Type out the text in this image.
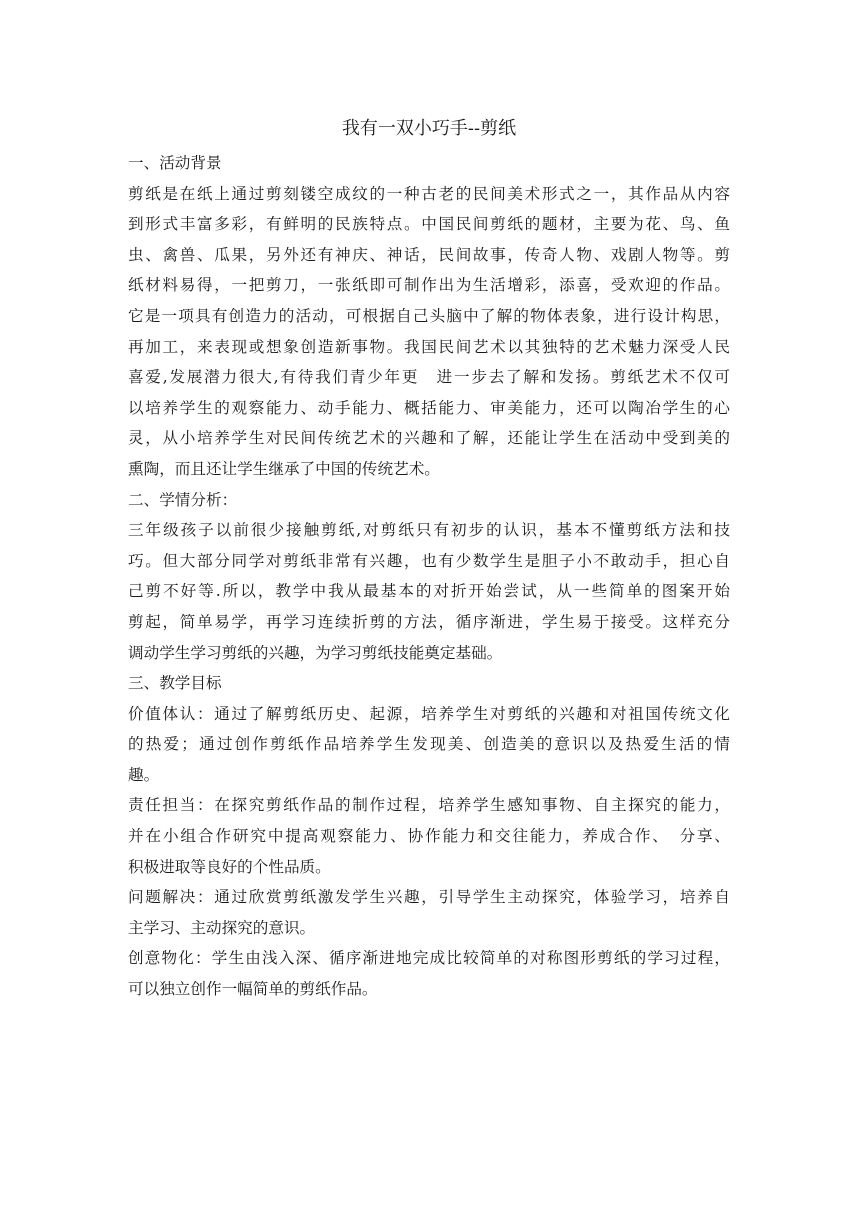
我有一双小巧手--剪纸
一、活动背景
剪纸是在纸上通过剪刻镂空成纹的一种古老的民间美术形式之一，其作品从内容
到形式丰富多彩，有鲜明的民族特点。中国民间剪纸的题材，主要为花、鸟、鱼
虫、禽兽、瓜果，另外还有神庆、神话，民间故事，传奇人物、戏剧人物等。剪
纸材料易得，一把剪刀，一张纸即可制作出为生活增彩，添喜，受欢迎的作品。
它是一项具有创造力的活动，可根据自己头脑中了解的物体表象，进行设计构思，
再加工，来表现或想象创造新事物。我国民间艺术以其独特的艺术魅力深受人民
喜爱,发展潜力很大,有待我们青少年更　进一步去了解和发扬。剪纸艺术不仅可
以培养学生的观察能力、动手能力、概括能力、审美能力，还可以陶冶学生的心
灵，从小培养学生对民间传统艺术的兴趣和了解，还能让学生在活动中受到美的
熏陶，而且还让学生继承了中国的传统艺术。
二、学情分析：
三年级孩子以前很少接触剪纸,对剪纸只有初步的认识，基本不懂剪纸方法和技
巧。但大部分同学对剪纸非常有兴趣，也有少数学生是胆子小不敢动手，担心自
己剪不好等.所以，教学中我从最基本的对折开始尝试，从一些简单的图案开始
剪起，简单易学，再学习连续折剪的方法，循序渐进，学生易于接受。这样充分
调动学生学习剪纸的兴趣，为学习剪纸技能奠定基础。
三、教学目标
价值体认：通过了解剪纸历史、起源，培养学生对剪纸的兴趣和对祖国传统文化
的热爱；通过创作剪纸作品培养学生发现美、创造美的意识以及热爱生活的情
趣。
责任担当：在探究剪纸作品的制作过程，培养学生感知事物、自主探究的能力，
并在小组合作研究中提高观察能力、协作能力和交往能力，养成合作、　分享、
积极进取等良好的个性品质。
问题解决：通过欣赏剪纸激发学生兴趣，引导学生主动探究，体验学习，培养自
主学习、主动探究的意识。
创意物化：学生由浅入深、循序渐进地完成比较简单的对称图形剪纸的学习过程，
可以独立创作一幅简单的剪纸作品。
